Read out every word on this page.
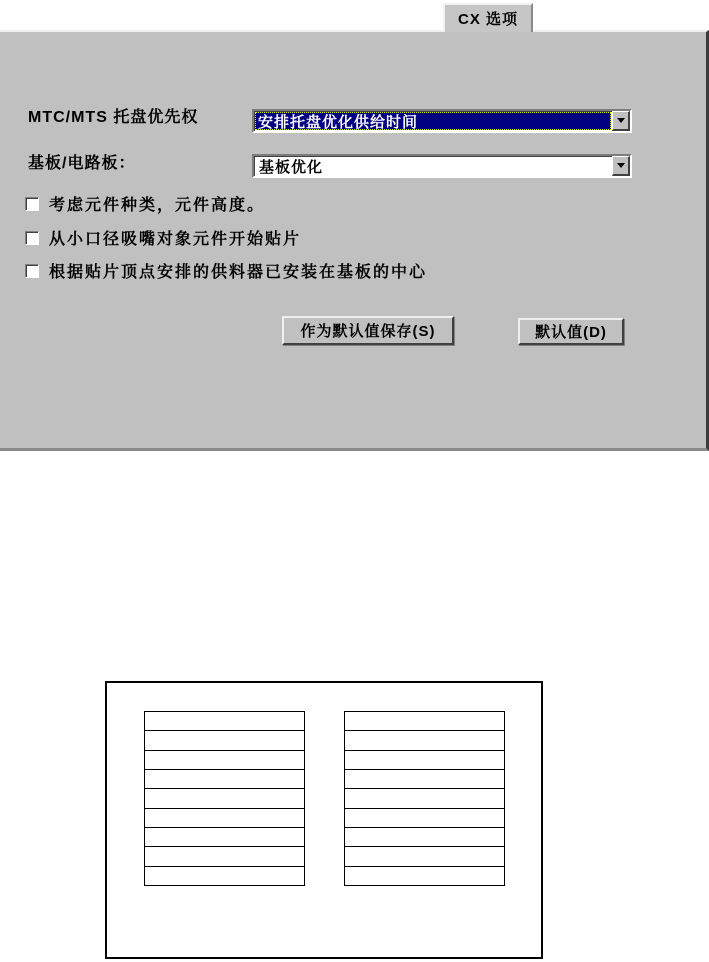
CX 选项
MTC/MTS 托盘优先权	安排托盘优化供给时间
基板/电路板：	基板优化
考虑元件种类，元件高度。
从小口径吸嘴对象元件开始贴片
根据贴片顶点安排的供料器已安装在基板的中心
作为默认值保存(S)	默认值(D)
